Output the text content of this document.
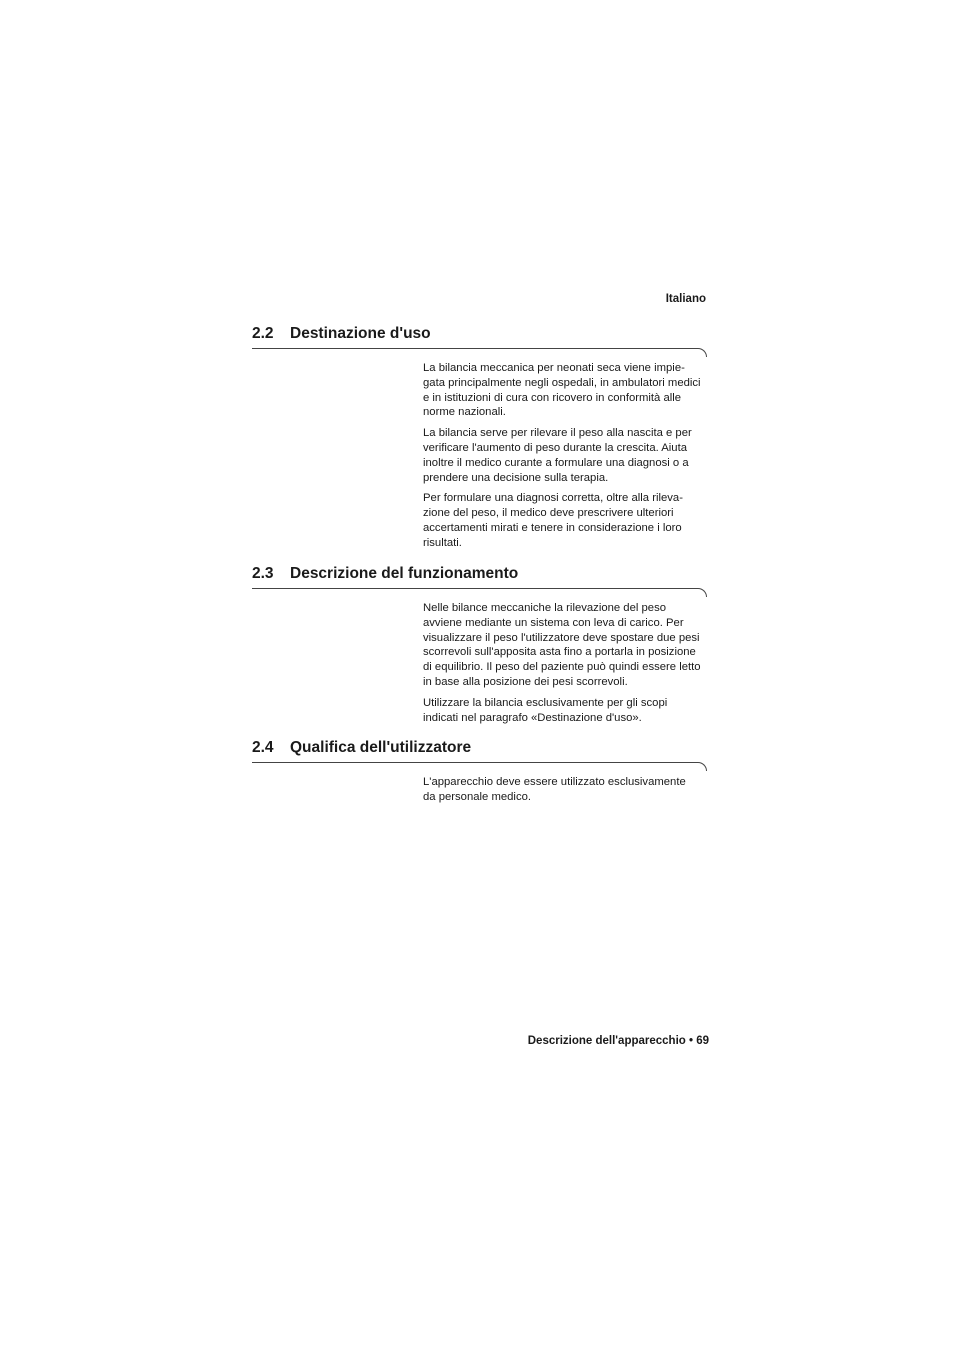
Italiano

2.2 Destinazione d'uso

La bilancia meccanica per neonati seca viene impie-
gata principalmente negli ospedali, in ambulatori medici
e in istituzioni di cura con ricovero in conformità alle
norme nazionali.

La bilancia serve per rilevare il peso alla nascita e per
verificare l'aumento di peso durante la crescita. Aiuta
inoltre il medico curante a formulare una diagnosi o a
prendere una decisione sulla terapia.

Per formulare una diagnosi corretta, oltre alla rileva-
zione del peso, il medico deve prescrivere ulteriori
accertamenti mirati e tenere in considerazione i loro
risultati.

2.3 Descrizione del funzionamento

Nelle bilance meccaniche la rilevazione del peso
avviene mediante un sistema con leva di carico. Per
visualizzare il peso l'utilizzatore deve spostare due pesi
scorrevoli sull'apposita asta fino a portarla in posizione
di equilibrio. Il peso del paziente può quindi essere letto
in base alla posizione dei pesi scorrevoli.

Utilizzare la bilancia esclusivamente per gli scopi
indicati nel paragrafo «Destinazione d'uso».

2.4 Qualifica dell'utilizzatore

L'apparecchio deve essere utilizzato esclusivamente
da personale medico.

Descrizione dell'apparecchio • 69
